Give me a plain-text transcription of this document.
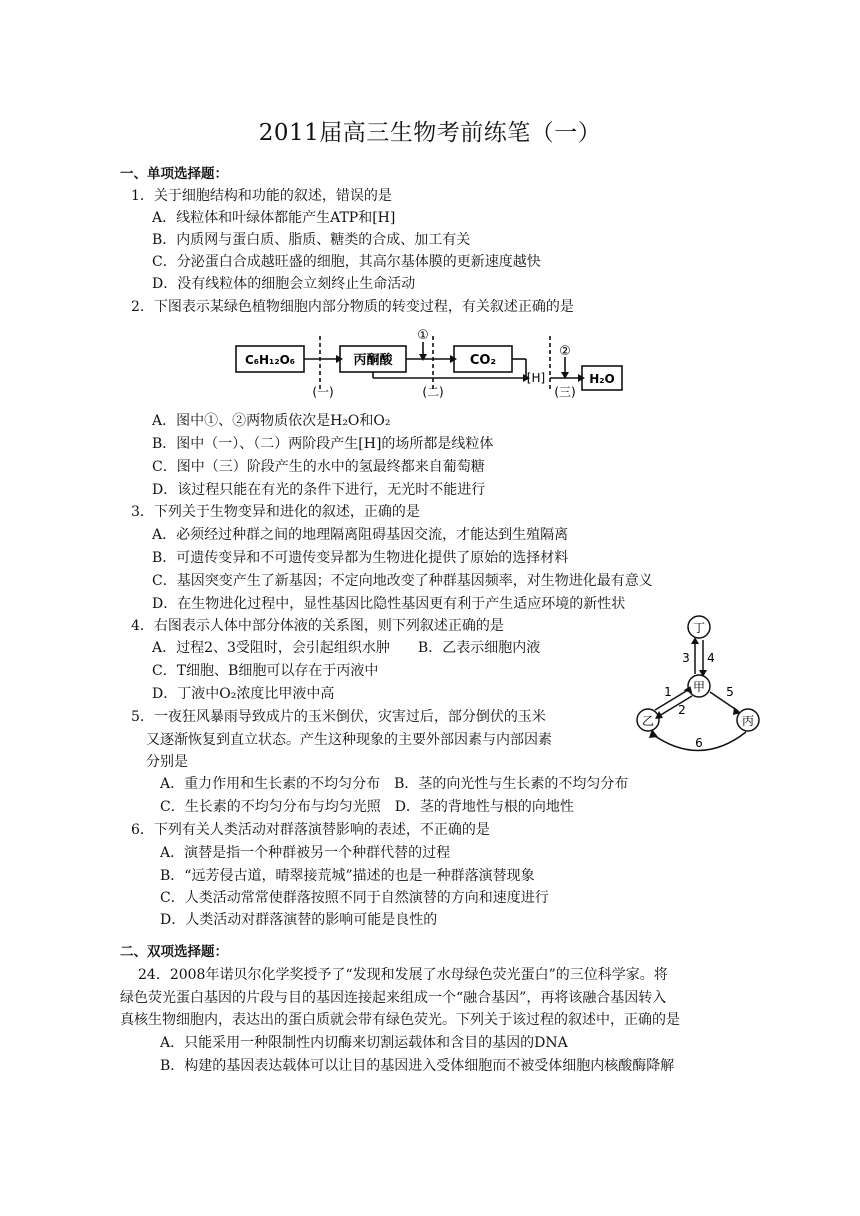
2011届高三生物考前练笔（一）
一、单项选择题：
1．关于细胞结构和功能的叙述，错误的是
A．线粒体和叶绿体都能产生ATP和[H]
B．内质网与蛋白质、脂质、糖类的合成、加工有关
C．分泌蛋白合成越旺盛的细胞，其高尔基体膜的更新速度越快
D．没有线粒体的细胞会立刻终止生命活动
2．下图表示某绿色植物细胞内部分物质的转变过程，有关叙述正确的是
C₆H₁₂O₆	丙酮酸	CO₂
[H]	H₂O
①
②
(一)	(二)	(三)
A．图中①、②两物质依次是H₂O和O₂
B．图中（一）、（二）两阶段产生[H]的场所都是线粒体
C．图中（三）阶段产生的水中的氢最终都来自葡萄糖
D．该过程只能在有光的条件下进行，无光时不能进行
3．下列关于生物变异和进化的叙述，正确的是
A．必须经过种群之间的地理隔离阻碍基因交流，才能达到生殖隔离
B．可遗传变异和不可遗传变异都为生物进化提供了原始的选择材料
C．基因突变产生了新基因；不定向地改变了种群基因频率，对生物进化最有意义
D．在生物进化过程中，显性基因比隐性基因更有利于产生适应环境的新性状
4．右图表示人体中部分体液的关系图，则下列叙述正确的是
A．过程2、3受阻时，会引起组织水肿　　B．乙表示细胞内液
C．T细胞、B细胞可以存在于丙液中
D．丁液中O₂浓度比甲液中高
丁
甲
乙	丙
3 4
1
2
5
6
5．一夜狂风暴雨导致成片的玉米倒伏，灾害过后，部分倒伏的玉米
又逐渐恢复到直立状态。产生这种现象的主要外部因素与内部因素
分别是
A．重力作用和生长素的不均匀分布　B．茎的向光性与生长素的不均匀分布
C．生长素的不均匀分布与均匀光照　D．茎的背地性与根的向地性
6．下列有关人类活动对群落演替影响的表述，不正确的是
A．演替是指一个种群被另一个种群代替的过程
B．“远芳侵古道，晴翠接荒城”描述的也是一种群落演替现象
C．人类活动常常使群落按照不同于自然演替的方向和速度进行
D．人类活动对群落演替的影响可能是良性的
二、双项选择题：
24．2008年诺贝尔化学奖授予了“发现和发展了水母绿色荧光蛋白”的三位科学家。将
绿色荧光蛋白基因的片段与目的基因连接起来组成一个“融合基因”，再将该融合基因转入
真核生物细胞内，表达出的蛋白质就会带有绿色荧光。下列关于该过程的叙述中，正确的是
A．只能采用一种限制性内切酶来切割运载体和含目的基因的DNA
B．构建的基因表达载体可以让目的基因进入受体细胞而不被受体细胞内核酸酶降解
